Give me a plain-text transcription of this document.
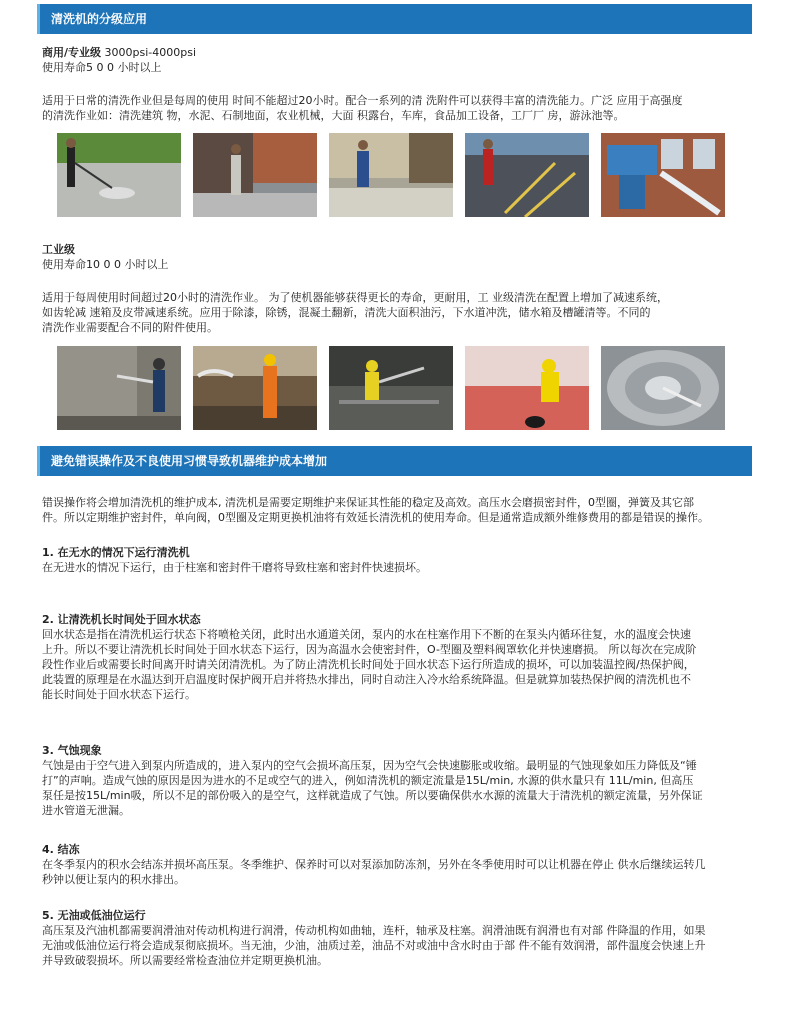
清洗机的分级应用
商用/专业级 3000psi-4000psi
使用寿命5 0 0 小时以上
适用于日常的清洗作业但是每周的使用 时间不能超过20小时。配合一系列的清 洗附件可以获得丰富的清洗能力。广泛 应用于高强度
的清洗作业如：清洗建筑 物，水泥、石制地面，农业机械，大面 积露台，车库，食品加工设备，工厂厂 房，游泳池等。
工业级
使用寿命10 0 0 小时以上
适用于每周使用时间超过20小时的清洗作业。 为了使机器能够获得更长的寿命，更耐用，工 业级清洗在配置上增加了减速系统，
如齿轮减 速箱及皮带减速系统。应用于除漆，除锈，混凝土翻新，清洗大面积油污，下水道冲洗，储水箱及槽罐清等。不同的
清洗作业需要配合不同的附件使用。
避免错误操作及不良使用习惯导致机器维护成本增加
错误操作将会增加清洗机的维护成本, 清洗机是需要定期维护来保证其性能的稳定及高效。高压水会磨损密封件，0型圈，弹簧及其它部
件。所以定期维护密封件，单向阀，0型圈及定期更换机油将有效延长清洗机的使用寿命。但是通常造成额外维修费用的都是错误的操作。
1. 在无水的情况下运行清洗机
在无进水的情况下运行，由于柱塞和密封件干磨将导致柱塞和密封件快速损坏。
2. 让清洗机长时间处于回水状态
回水状态是指在清洗机运行状态下将喷枪关闭，此时出水通道关闭，泵内的水在柱塞作用下不断的在泵头内循环往复，水的温度会快速
上升。所以不要让清洗机长时间处于回水状态下运行，因为高温水会使密封件，O-型圈及塑料阀罩软化并快速磨损。 所以每次在完成阶
段性作业后或需要长时间离开时请关闭清洗机。为了防止清洗机长时间处于回水状态下运行所造成的损坏，可以加装温控阀/热保护阀，
此装置的原理是在水温达到开启温度时保护阀开启并将热水排出，同时自动注入冷水给系统降温。但是就算加装热保护阀的清洗机也不
能长时间处于回水状态下运行。
3. 气蚀现象
气蚀是由于空气进入到泵内所造成的，进入泵内的空气会损坏高压泵，因为空气会快速膨胀或收缩。最明显的气蚀现象如压力降低及“锤
打”的声响。造成气蚀的原因是因为进水的不足或空气的进入，例如清洗机的额定流量是15L/min, 水源的供水量只有 11L/min, 但高压
泵任是按15L/min吸，所以不足的部份吸入的是空气，这样就造成了气蚀。所以要确保供水水源的流量大于清洗机的额定流量，另外保证
进水管道无泄漏。
4. 结冻
在冬季泵内的积水会结冻并损坏高压泵。冬季维护、保养时可以对泵添加防冻剂，另外在冬季使用时可以让机器在停止 供水后继续运转几
秒钟以便让泵内的积水排出。
5. 无油或低油位运行
高压泵及汽油机都需要润滑油对传动机构进行润滑，传动机构如曲轴，连杆，轴承及柱塞。润滑油既有润滑也有对部 件降温的作用，如果
无油或低油位运行将会造成泵彻底损坏。当无油，少油，油质过差，油品不对或油中含水时由于部 件不能有效润滑，部件温度会快速上升
并导致破裂损坏。所以需要经常检查油位并定期更换机油。
